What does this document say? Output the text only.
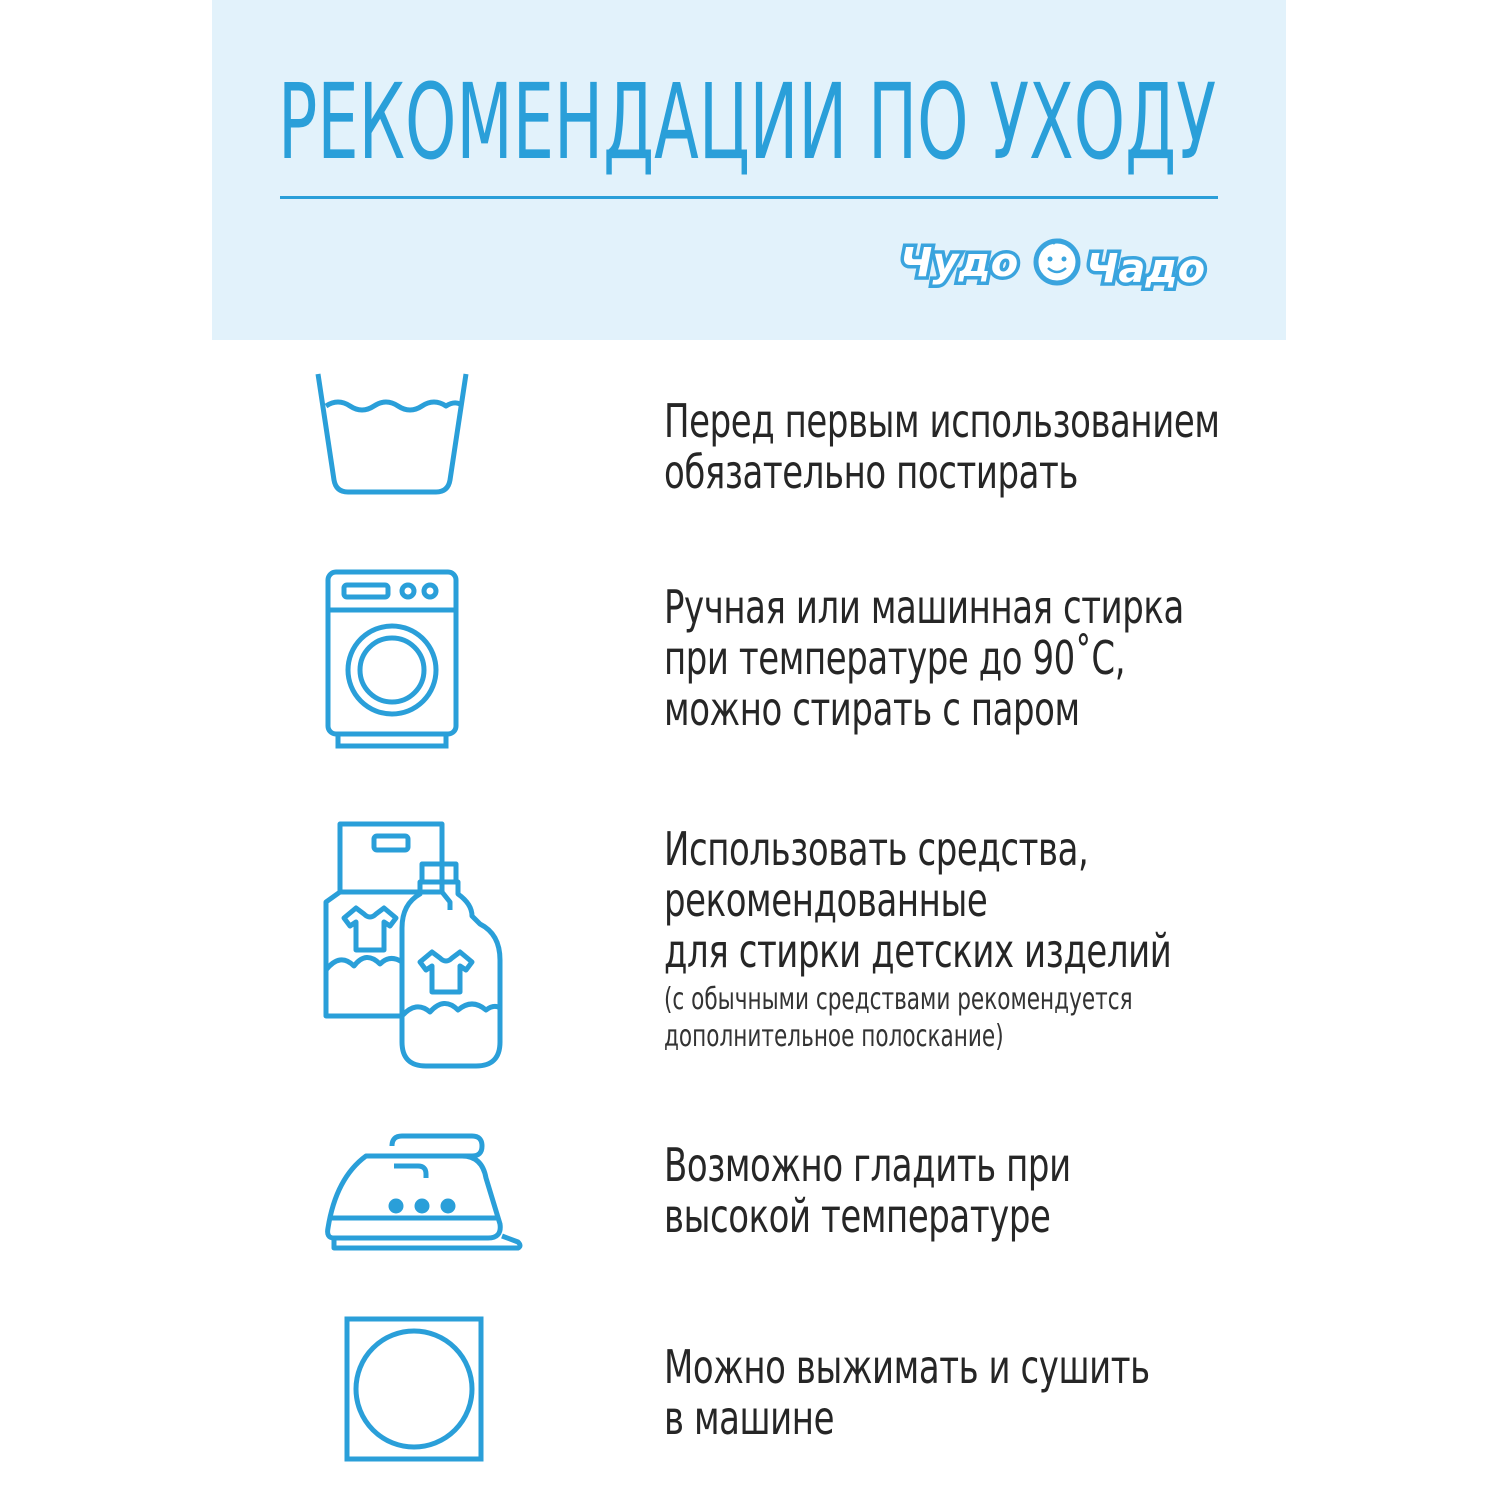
РЕКОМЕНДАЦИИ ПО УХОДУ
Чудо Чадо
Перед первым использованием
обязательно постирать
Ручная или машинная стирка
при температуре до 90˚С,
можно стирать с паром
Использовать средства,
рекомендованные
для стирки детских изделий
(с обычными средствами рекомендуется
дополнительное полоскание)
Возможно гладить при
высокой температуре
Можно выжимать и сушить
в машине
